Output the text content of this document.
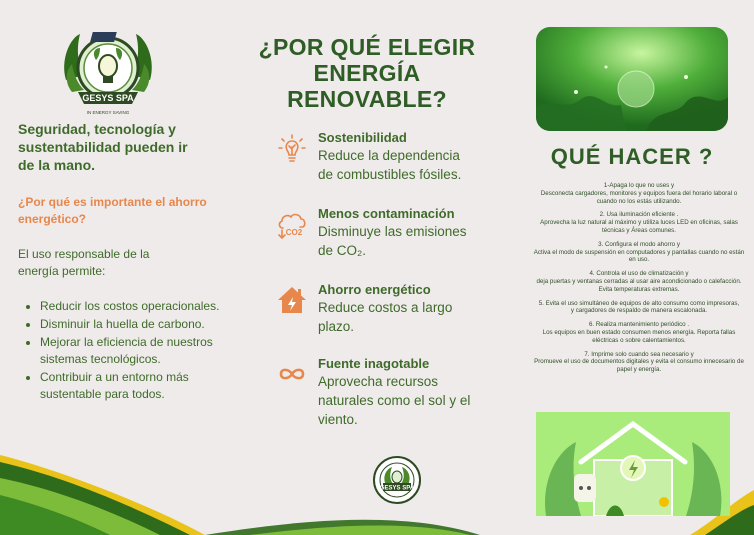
GESYS SPA
IN ENERGY SAVING
Seguridad, tecnología y sustentabilidad pueden ir de la mano.
¿Por qué es importante el ahorro energético?
El uso responsable de la energía permite:
• Reducir los costos operacionales.
• Disminuir la huella de carbono.
• Mejorar la eficiencia de nuestros sistemas tecnológicos.
• Contribuir a un entorno más sustentable para todos.
¿POR QUÉ ELEGIR ENERGÍA RENOVABLE?
Sostenibilidad
Reduce la dependencia de combustibles fósiles.
CO2
Menos contaminación
Disminuye las emisiones de CO₂.
Ahorro energético
Reduce costos a largo plazo.
Fuente inagotable
Aprovecha recursos naturales como el sol y el viento.
GESYS SPA
QUÉ HACER ?
1-Apaga lo que no uses y
Desconecta cargadores, monitores y equipos fuera del horario laboral o cuando no los estás utilizando.
2. Usa iluminación eficiente .
Aprovecha la luz natural al máximo y utiliza luces LED en oficinas, salas técnicas y Áreas comunes.
3. Configura el modo ahorro y
Activa el modo de suspensión en computadores y pantallas cuando no están en uso.
4. Controla el uso de climatización y
deja puertas y ventanas cerradas al usar aire acondicionado o calefacción. Evita temperaturas extremas.
5. Evita el uso simultáneo de equipos de alto consumo como impresoras,
y cargadores de respaldo de manera escalonada.
6. Realiza mantenimiento periódico .
Los equipos en buen estado consumen menos energía. Reporta fallas eléctricas o sobre calentamientos.
7. Imprime solo cuando sea necesario y
Promueve el uso de documentos digitales y evita el consumo innecesario de papel y energía.
